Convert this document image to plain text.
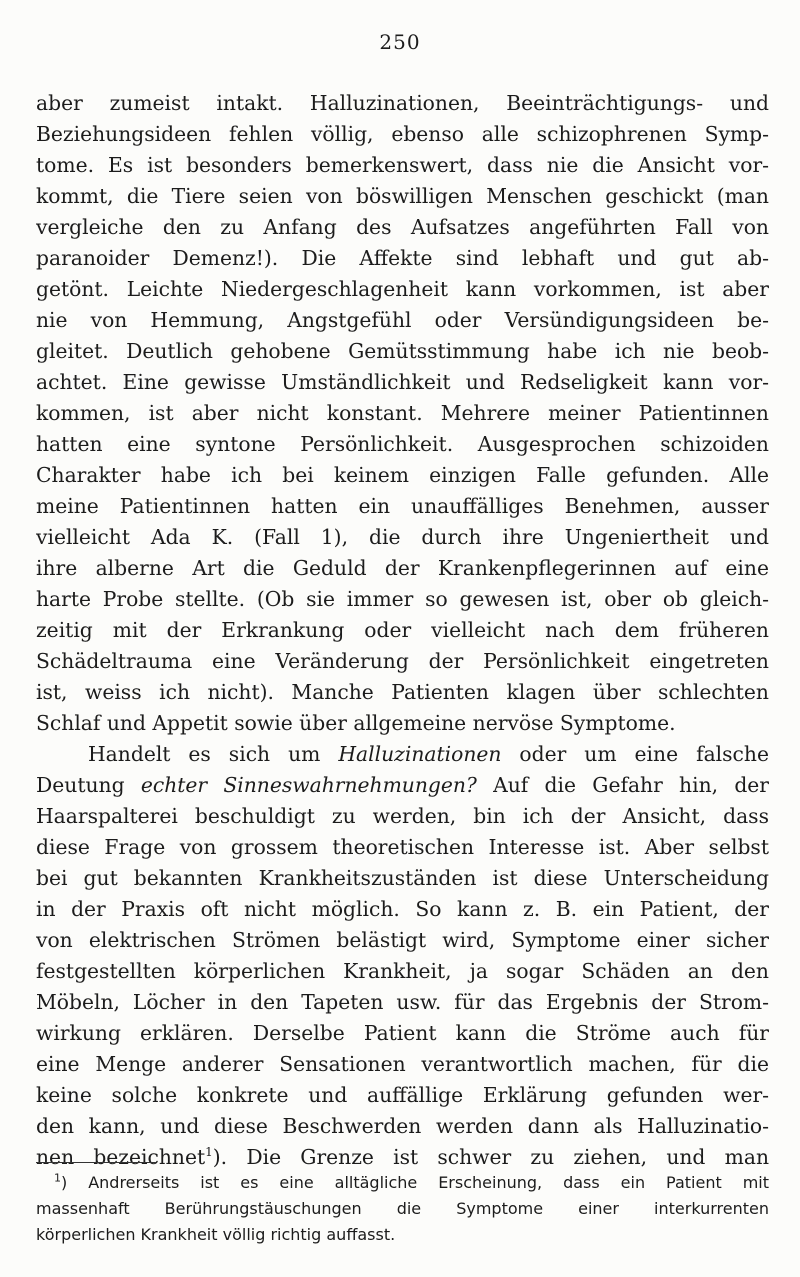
250
aber zumeist intakt. Halluzinationen, Beeinträchtigungs- und
Beziehungsideen fehlen völlig, ebenso alle schizophrenen Symp-
tome. Es ist besonders bemerkenswert, dass nie die Ansicht vor-
kommt, die Tiere seien von böswilligen Menschen geschickt (man
vergleiche den zu Anfang des Aufsatzes angeführten Fall von
paranoider Demenz!). Die Affekte sind lebhaft und gut ab-
getönt. Leichte Niedergeschlagenheit kann vorkommen, ist aber
nie von Hemmung, Angstgefühl oder Versündigungsideen be-
gleitet. Deutlich gehobene Gemütsstimmung habe ich nie beob-
achtet. Eine gewisse Umständlichkeit und Redseligkeit kann vor-
kommen, ist aber nicht konstant. Mehrere meiner Patientinnen
hatten eine syntone Persönlichkeit. Ausgesprochen schizoiden
Charakter habe ich bei keinem einzigen Falle gefunden. Alle
meine Patientinnen hatten ein unauffälliges Benehmen, ausser
vielleicht Ada K. (Fall 1), die durch ihre Ungeniertheit und
ihre alberne Art die Geduld der Krankenpflegerinnen auf eine
harte Probe stellte. (Ob sie immer so gewesen ist, ober ob gleich-
zeitig mit der Erkrankung oder vielleicht nach dem früheren
Schädeltrauma eine Veränderung der Persönlichkeit eingetreten
ist, weiss ich nicht). Manche Patienten klagen über schlechten
Schlaf und Appetit sowie über allgemeine nervöse Symptome.
Handelt es sich um Halluzinationen oder um eine falsche
Deutung echter Sinneswahrnehmungen? Auf die Gefahr hin, der
Haarspalterei beschuldigt zu werden, bin ich der Ansicht, dass
diese Frage von grossem theoretischen Interesse ist. Aber selbst
bei gut bekannten Krankheitszuständen ist diese Unterscheidung
in der Praxis oft nicht möglich. So kann z. B. ein Patient, der
von elektrischen Strömen belästigt wird, Symptome einer sicher
festgestellten körperlichen Krankheit, ja sogar Schäden an den
Möbeln, Löcher in den Tapeten usw. für das Ergebnis der Strom-
wirkung erklären. Derselbe Patient kann die Ströme auch für
eine Menge anderer Sensationen verantwortlich machen, für die
keine solche konkrete und auffällige Erklärung gefunden wer-
den kann, und diese Beschwerden werden dann als Halluzinatio-
nen bezeichnet$^1$). Die Grenze ist schwer zu ziehen, und man
$^1$) Andrerseits ist es eine alltägliche Erscheinung, dass ein Patient mit
massenhaft Berührungstäuschungen die Symptome einer interkurrenten
körperlichen Krankheit völlig richtig auffasst.
